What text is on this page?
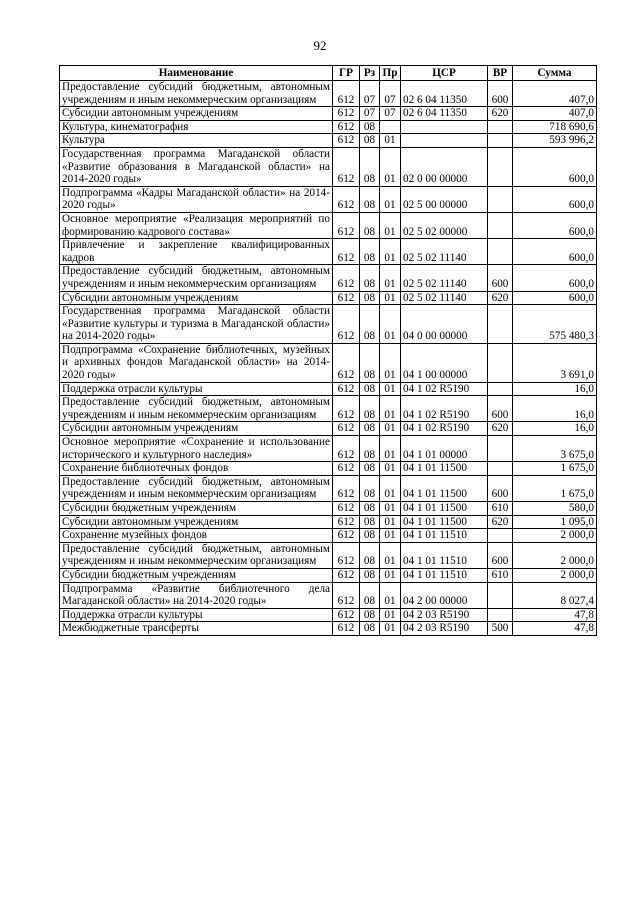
92
Наименование	ГР	Рз	Пр	ЦСР	ВР	Сумма
Предоставление субсидий бюджетным, автономным учреждениям и иным некоммерческим организациям	612	07	07	02 6 04 11350	600	407,0
Субсидии автономным учреждениям	612	07	07	02 6 04 11350	620	407,0
Культура, кинематография	612	08				718 690,6
Культура	612	08	01			593 996,2
Государственная программа Магаданской области «Развитие образования в Магаданской области» на 2014-2020 годы»	612	08	01	02 0 00 00000		600,0
Подпрограмма «Кадры Магаданской области» на 2014-2020 годы»	612	08	01	02 5 00 00000		600,0
Основное мероприятие «Реализация мероприятий по формированию кадрового состава»	612	08	01	02 5 02 00000		600,0
Привлечение и закрепление квалифицированных кадров	612	08	01	02 5 02 11140		600,0
Предоставление субсидий бюджетным, автономным учреждениям и иным некоммерческим организациям	612	08	01	02 5 02 11140	600	600,0
Субсидии автономным учреждениям	612	08	01	02 5 02 11140	620	600,0
Государственная программа Магаданской области «Развитие культуры и туризма в Магаданской области» на 2014-2020 годы»	612	08	01	04 0 00 00000		575 480,3
Подпрограмма «Сохранение библиотечных, музейных и архивных фондов Магаданской области» на 2014-2020 годы»	612	08	01	04 1 00 00000		3 691,0
Поддержка отрасли культуры	612	08	01	04 1 02 R5190		16,0
Предоставление субсидий бюджетным, автономным учреждениям и иным некоммерческим организациям	612	08	01	04 1 02 R5190	600	16,0
Субсидии автономным учреждениям	612	08	01	04 1 02 R5190	620	16,0
Основное мероприятие «Сохранение и использование исторического и культурного наследия»	612	08	01	04 1 01 00000		3 675,0
Сохранение библиотечных фондов	612	08	01	04 1 01 11500		1 675,0
Предоставление субсидий бюджетным, автономным учреждениям и иным некоммерческим организациям	612	08	01	04 1 01 11500	600	1 675,0
Субсидии бюджетным учреждениям	612	08	01	04 1 01 11500	610	580,0
Субсидии автономным учреждениям	612	08	01	04 1 01 11500	620	1 095,0
Сохранение музейных фондов	612	08	01	04 1 01 11510		2 000,0
Предоставление субсидий бюджетным, автономным учреждениям и иным некоммерческим организациям	612	08	01	04 1 01 11510	600	2 000,0
Субсидии бюджетным учреждениям	612	08	01	04 1 01 11510	610	2 000,0
Подпрограмма «Развитие библиотечного дела Магаданской области» на 2014-2020 годы»	612	08	01	04 2 00 00000		8 027,4
Поддержка отрасли культуры	612	08	01	04 2 03 R5190		47,8
Межбюджетные трансферты	612	08	01	04 2 03 R5190	500	47,8
